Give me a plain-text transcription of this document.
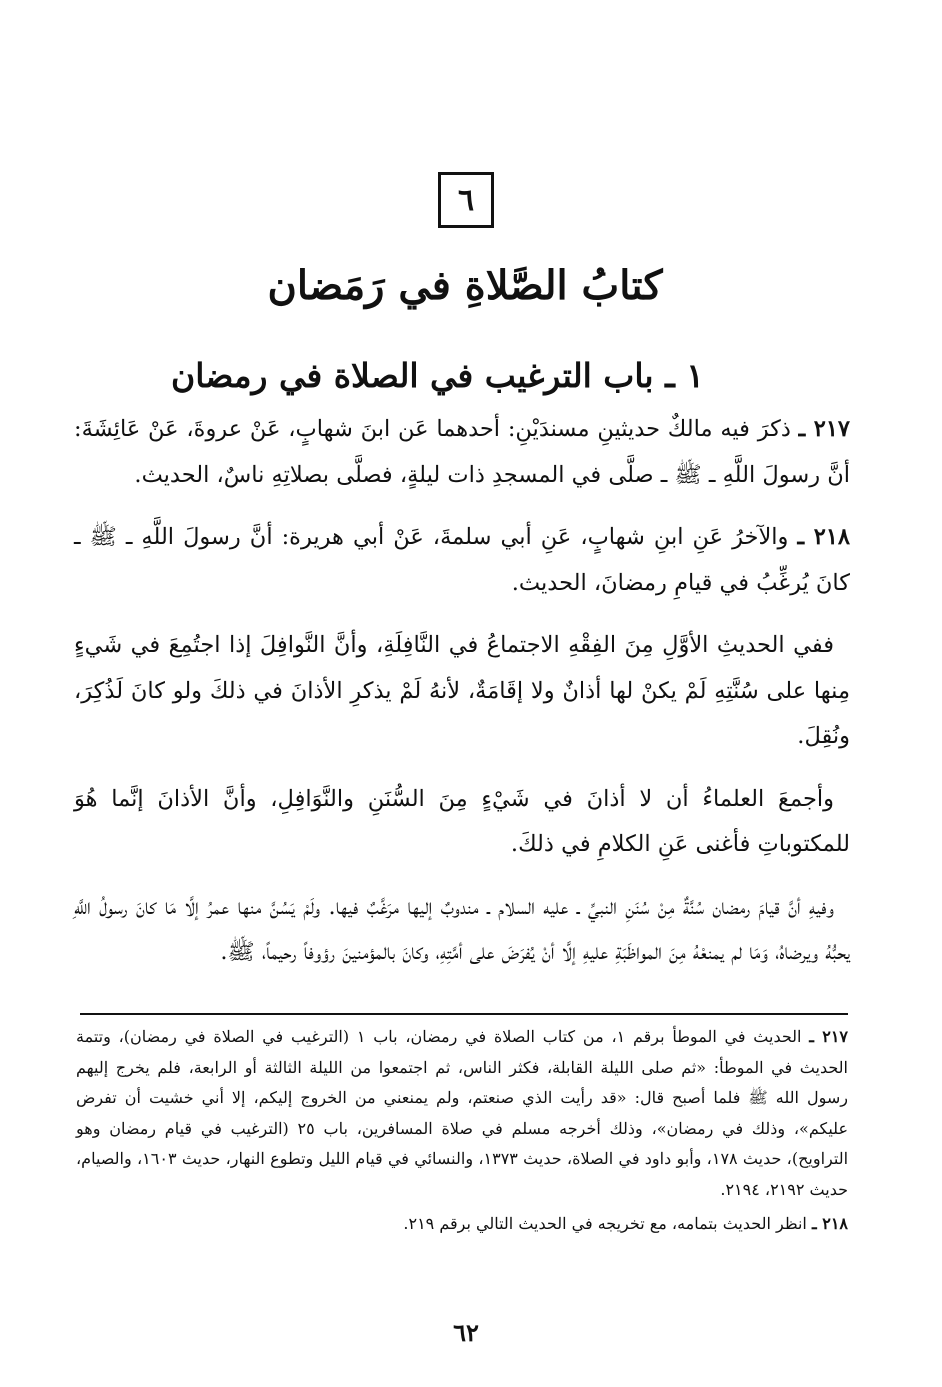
٦
كتابُ الصَّلاةِ في رَمَضان
١ ـ باب الترغيب في الصلاة في رمضان

٢١٧ ـ ذكرَ فيه مالكٌ حديثينِ مسندَيْنِ: أحدهما عَن ابنَ شهابٍ، عَنْ عروةَ، عَنْ عَائِشَةَ: أنَّ رسولَ اللَّهِ ـ ﷺ ـ صلَّى في المسجدِ ذات ليلةٍ، فصلَّى بصلاتِهِ ناسٌ، الحديث.

٢١٨ ـ والآخرُ عَنِ ابنِ شهابٍ، عَنِ أبي سلمةَ، عَنْ أبي هريرة: أنَّ رسولَ اللَّهِ ـ ﷺ ـ كانَ يُرغِّبُ في قيامِ رمضانَ، الحديث.

ففي الحديثِ الأوَّلِ مِنَ الفِقْهِ الاجتماعُ في النَّافِلَةِ، وأنَّ النَّوافِلَ إذا اجتُمِعَ في شَيءٍ مِنها على سُنَّتِهِ لَمْ يكنْ لها أذانٌ ولا إقَامَةٌ، لأنهُ لَمْ يذكرِ الأذانَ في ذلكَ ولو كانَ لَذُكِرَ، ونُقِلَ.

وأجمعَ العلماءُ أن لا أذانَ في شَيْءٍ مِنَ السُّنَنِ والنَّوَافِلِ، وأنَّ الأذانَ إنَّما هُوَ للمكتوباتِ فأغنى عَنِ الكلامِ في ذلكَ.

وفيهِ أنَّ قيامَ رمضان سُنَّةٌ مِنْ سُنَنِ النبيِّ ـ عليه السلام ـ مندوبٌ إليها مرَغَّبٌ فيها. ولَمْ يَسُنَّ منها عمرُ إلَّا مَا كانَ رسولُ اللَّهِ يحبُّهُ ويرضاهُ، وَمَا لم يمنعْهُ مِنَ المواظَبَةِ عليهِ إلَّا أنْ يُفرَضَ على أمَّتِهِ، وكانَ بالمؤمنينَ رؤوفاً رحيماً، ﷺ.

٢١٧ ـ الحديث في الموطأ برقم ١، من كتاب الصلاة في رمضان، باب ١ (الترغيب في الصلاة في رمضان)، وتتمة الحديث في الموطأ: «ثم صلى الليلة القابلة، فكثر الناس، ثم اجتمعوا من الليلة الثالثة أو الرابعة، فلم يخرج إليهم رسول الله ﷺ فلما أصبح قال: «قد رأيت الذي صنعتم، ولم يمنعني من الخروج إليكم، إلا أني خشيت أن تفرض عليكم»، وذلك في رمضان»، وذلك أخرجه مسلم في صلاة المسافرين، باب ٢٥ (الترغيب في قيام رمضان وهو التراويح)، حديث ١٧٨، وأبو داود في الصلاة، حديث ١٣٧٣، والنسائي في قيام الليل وتطوع النهار، حديث ١٦٠٣، والصيام، حديث ٢١٩٢، ٢١٩٤.

٢١٨ ـ انظر الحديث بتمامه، مع تخريجه في الحديث التالي برقم ٢١٩.

٦٢
